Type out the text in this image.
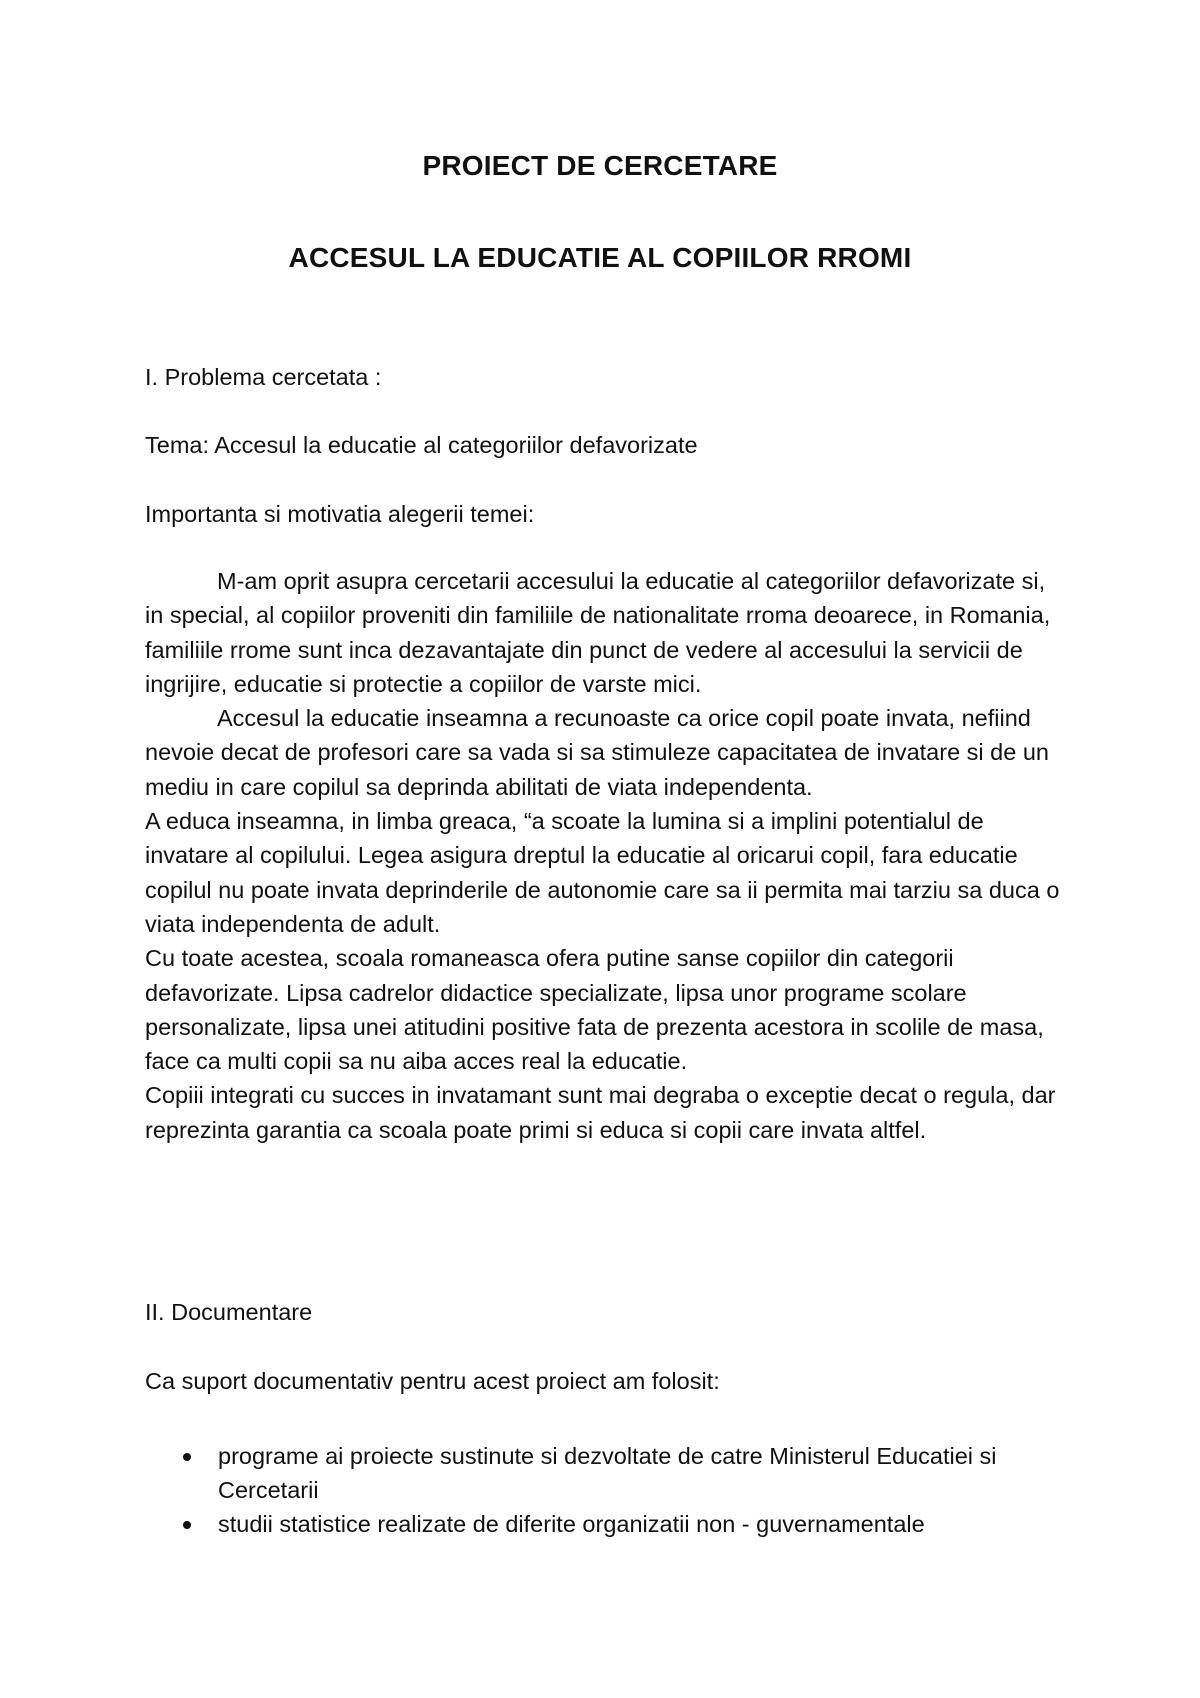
PROIECT DE CERCETARE
ACCESUL LA EDUCATIE AL COPIILOR RROMI
I. Problema cercetata :
Tema: Accesul la educatie al categoriilor defavorizate
Importanta si motivatia alegerii temei:

M-am oprit asupra cercetarii accesului la educatie al categoriilor defavorizate si, in special, al copiilor proveniti din familiile de nationalitate rroma deoarece, in Romania, familiile rrome sunt inca dezavantajate din punct de vedere al accesului la servicii de ingrijire, educatie si protectie a copiilor de varste mici.

Accesul la educatie inseamna a recunoaste ca orice copil poate invata, nefiind nevoie decat de profesori care sa vada si sa stimuleze capacitatea de invatare si de un mediu in care copilul sa deprinda abilitati de viata independenta.

A educa inseamna, in limba greaca, “a scoate la lumina si a implini potentialul de invatare al copilului. Legea asigura dreptul la educatie al oricarui copil, fara educatie copilul nu poate invata deprinderile de autonomie care sa ii permita mai tarziu sa duca o viata independenta de adult.

Cu toate acestea, scoala romaneasca ofera putine sanse copiilor din categorii defavorizate. Lipsa cadrelor didactice specializate, lipsa unor programe scolare personalizate, lipsa unei atitudini positive fata de prezenta acestora in scolile de masa, face ca multi copii sa nu aiba acces real la educatie.

Copiii integrati cu succes in invatamant sunt mai degraba o exceptie decat o regula, dar reprezinta garantia ca scoala poate primi si educa si copii care invata altfel.

II. Documentare
Ca suport documentativ pentru acest proiect am folosit:
programe ai proiecte sustinute si dezvoltate de catre Ministerul Educatiei si Cercetarii
studii statistice realizate de diferite organizatii non - guvernamentale
